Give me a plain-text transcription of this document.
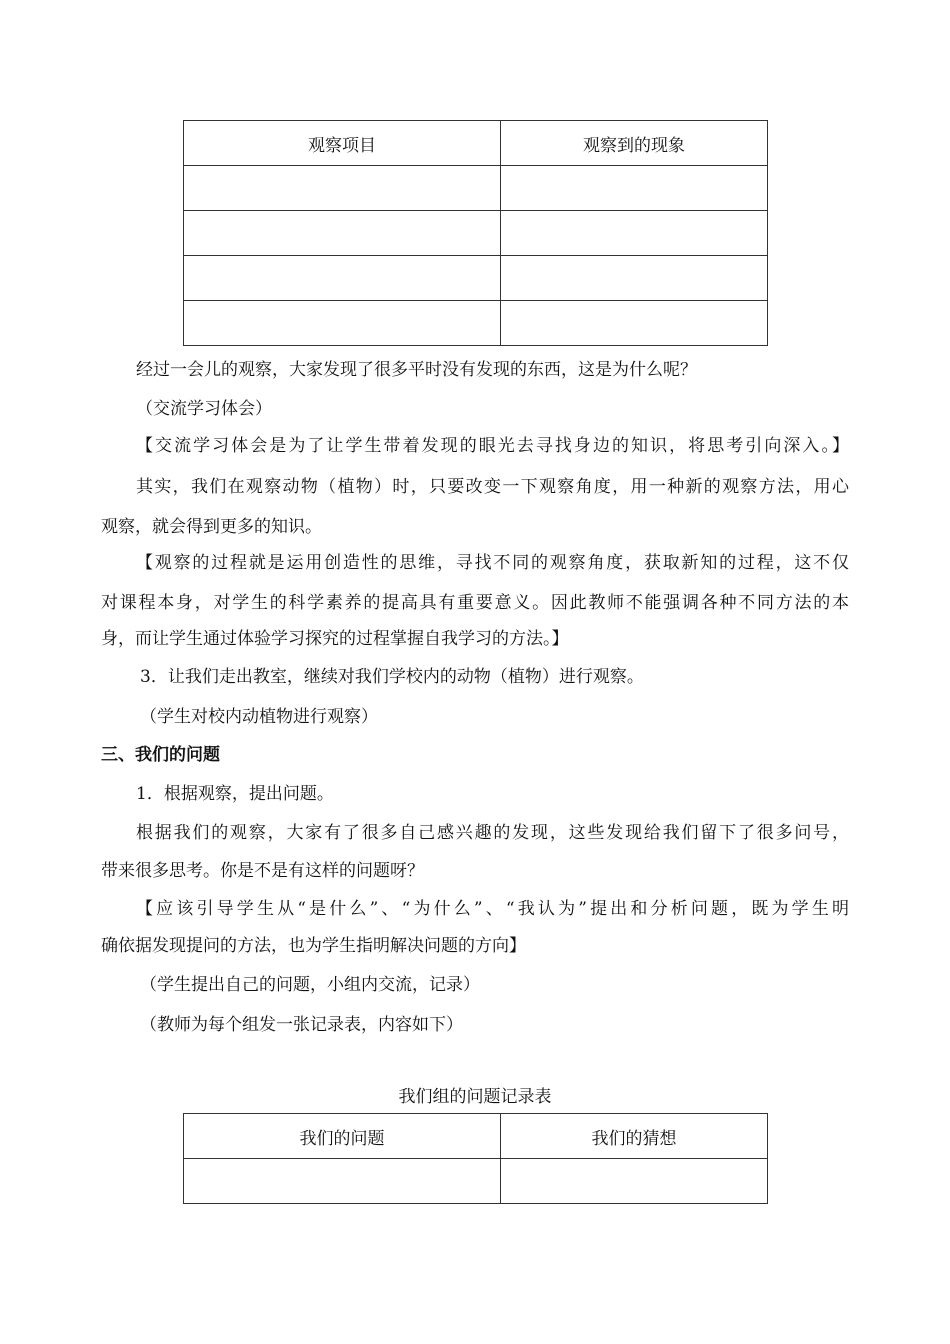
观察项目	观察到的现象

经过一会儿的观察，大家发现了很多平时没有发现的东西，这是为什么呢？
（交流学习体会）
【交流学习体会是为了让学生带着发现的眼光去寻找身边的知识，将思考引向深入。】
其实，我们在观察动物（植物）时，只要改变一下观察角度，用一种新的观察方法，用心
观察，就会得到更多的知识。
【观察的过程就是运用创造性的思维，寻找不同的观察角度，获取新知的过程，这不仅
对课程本身，对学生的科学素养的提高具有重要意义。因此教师不能强调各种不同方法的本
身，而让学生通过体验学习探究的过程掌握自我学习的方法。】
3．让我们走出教室，继续对我们学校内的动物（植物）进行观察。
（学生对校内动植物进行观察）
三、我们的问题
1．根据观察，提出问题。
根据我们的观察，大家有了很多自己感兴趣的发现，这些发现给我们留下了很多问号，
带来很多思考。你是不是有这样的问题呀？
【应该引导学生从“是什么”、“为什么”、“我认为”提出和分析问题，既为学生明
确依据发现提问的方法，也为学生指明解决问题的方向】
（学生提出自己的问题，小组内交流，记录）
（教师为每个组发一张记录表，内容如下）
我们组的问题记录表
我们的问题	我们的猜想
